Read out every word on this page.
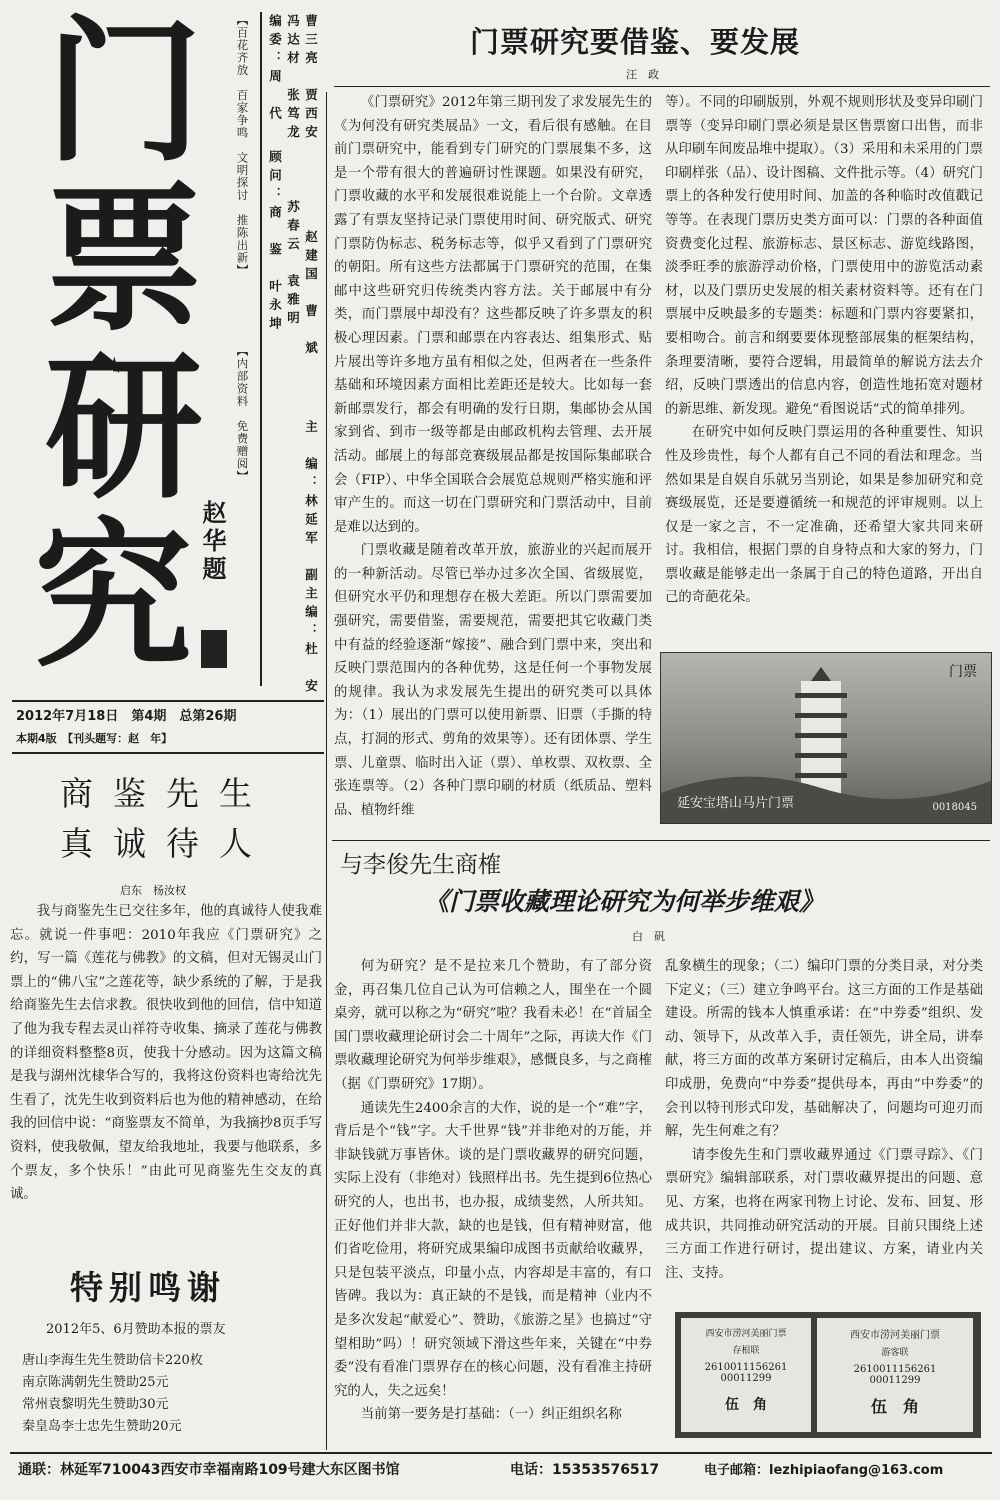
门
票
研
究 赵华题
【百花齐放　百家争鸣　文明探讨　推陈出新】
【内部资料　免费赠阅】
编委：周　代
顾问：商　鉴　叶永坤
冯达材　张笃龙
苏春云　袁雅明
曹三亮　贾西安
赵建国　曹　斌
主　编：林延军　副主编：杜　安
门票研究要借鉴、要发展
汪　政

《门票研究》2012年第三期刊发了求发展先生的《为何没有研究类展品》一文，看后很有感触。在目前门票研究中，能看到专门研究的门票展集不多，这是一个带有很大的普遍研讨性课题。如果没有研究，门票收藏的水平和发展很难说能上一个台阶。文章透露了有票友坚持记录门票使用时间、研究版式、研究门票防伪标志、税务标志等，似乎又看到了门票研究的朝阳。所有这些方法都属于门票研究的范围，在集邮中这些研究归传统类内容方法。关于邮展中有分类，而门票展中却没有？这些都反映了许多票友的积极心理因素。门票和邮票在内容表达、组集形式、贴片展出等许多地方虽有相似之处，但两者在一些条件基础和环境因素方面相比差距还是较大。比如每一套新邮票发行，都会有明确的发行日期，集邮协会从国家到省、到市一级等都是由邮政机构去管理、去开展活动。邮展上的每部竞赛级展品都是按国际集邮联合会（FIP）、中华全国联合会展览总规则严格实施和评审产生的。而这一切在门票研究和门票活动中，目前是难以达到的。

门票收藏是随着改革开放，旅游业的兴起而展开的一种新活动。尽管已举办过多次全国、省级展览，但研究水平仍和理想存在极大差距。所以门票需要加强研究，需要借鉴，需要规范，需要把其它收藏门类中有益的经验逐渐“嫁接”、融合到门票中来，突出和反映门票范围内的各种优势，这是任何一个事物发展的规律。我认为求发展先生提出的研究类可以具体为：（1）展出的门票可以使用新票、旧票（手撕的特点，打洞的形式、剪角的效果等）。还有团体票、学生票、儿童票、临时出入证（票）、单枚票、双枚票、全张连票等。（2）各种门票印刷的材质（纸质品、塑料品、植物纤维

等）。不同的印刷版别，外观不规则形状及变异印刷门票等（变异印刷门票必须是景区售票窗口出售，而非从印刷车间废品堆中提取）。（3）采用和未采用的门票印刷样张（品）、设计图稿、文件批示等。（4）研究门票上的各种发行使用时间、加盖的各种临时改值戳记等等。在表现门票历史类方面可以：门票的各种面值资费变化过程、旅游标志、景区标志、游览线路图，淡季旺季的旅游浮动价格，门票使用中的游览活动素材，以及门票历史发展的相关素材资料等。还有在门票展中反映最多的专题类：标题和门票内容要紧扣，要相吻合。前言和纲要要体现整部展集的框架结构，条理要清晰，要符合逻辑，用最简单的解说方法去介绍，反映门票透出的信息内容，创造性地拓宽对题材的新思维、新发现。避免“看图说话”式的简单排列。

在研究中如何反映门票运用的各种重要性、知识性及珍贵性，每个人都有自己不同的看法和理念。当然如果是自娱自乐就另当别论，如果是参加研究和竞赛级展览，还是要遵循统一和规范的评审规则。以上仅是一家之言，不一定准确，还希望大家共同来研讨。我相信，根据门票的自身特点和大家的努力，门票收藏是能够走出一条属于自己的特色道路，开出自己的奇葩花朵。

门票
延安宝塔山马片门票	0018045
2012年7月18日　第4期　总第26期
本期4版　【刊头题写：赵　年】
商鉴先生
真诚待人
启东　杨汝权

我与商鉴先生已交往多年，他的真诚待人使我难忘。就说一件事吧：2010年我应《门票研究》之约，写一篇《莲花与佛教》的文稿，但对无锡灵山门票上的“佛八宝”之莲花等，缺少系统的了解，于是我给商鉴先生去信求教。很快收到他的回信，信中知道了他为我专程去灵山祥符寺收集、摘录了莲花与佛教的详细资料整整8页，使我十分感动。因为这篇文稿是我与湖州沈棣华合写的，我将这份资料也寄给沈先生看了，沈先生收到资料后也为他的精神感动，在给我的回信中说：“商鉴票友不简单，为我摘抄8页手写资料，使我敬佩，望友给我地址，我要与他联系，多个票友，多个快乐！”由此可见商鉴先生交友的真诚。

特别鸣谢
2012年5、6月赞助本报的票友
唐山李海生先生赞助信卡220枚
南京陈满朝先生赞助25元
常州袁黎明先生赞助30元
秦皇岛李士忠先生赞助20元
与李俊先生商榷
《门票收藏理论研究为何举步维艰》
白　矾

何为研究？是不是拉来几个赞助，有了部分资金，再召集几位自己认为可信赖之人，围坐在一个圆桌旁，就可以称之为“研究”啦？我看未必！在“首届全国门票收藏理论研讨会二十周年”之际，再读大作《门票收藏理论研究为何举步维艰》，感慨良多，与之商榷（据《门票研究》17期）。

通读先生2400余言的大作，说的是一个“难”字，背后是个“钱”字。大千世界“钱”并非绝对的万能，并非缺钱就万事皆休。谈的是门票收藏界的研究问题，实际上没有（非绝对）钱照样出书。先生提到6位热心研究的人，也出书，也办报，成绩斐然，人所共知。正好他们并非大款，缺的也是钱，但有精神财富，他们省吃俭用，将研究成果编印成图书贡献给收藏界，只是包装平淡点，印量小点，内容却是丰富的，有口皆碑。我以为：真正缺的不是钱，而是精神（业内不是多次发起“献爱心”、赞助，《旅游之星》也搞过“守望相助”吗）！研究领域下滑这些年来，关键在“中券委”没有看准门票界存在的核心问题，没有看准主持研究的人，失之远矣！

当前第一要务是打基础：（一）纠正组织名称

乱象横生的现象；（二）编印门票的分类目录，对分类下定义；（三）建立争鸣平台。这三方面的工作是基础建设。所需的钱本人慎重承诺：在“中券委”组织、发动、领导下，从改革入手，责任领先，讲全局，讲奉献，将三方面的改革方案研讨定稿后，由本人出资编印成册，免费向“中券委”提供母本，再由“中券委”的会刊以特刊形式印发，基础解决了，问题均可迎刃而解，先生何难之有？

请李俊先生和门票收藏界通过《门票寻踪》、《门票研究》编辑部联系，对门票收藏界提出的问题、意见、方案，也将在两家刊物上讨论、发布、回复、形成共识，共同推动研究活动的开展。目前只围绕上述三方面工作进行研讨，提出建议、方案，请业内关注、支持。

西安市涝河美丽门票
存根联
2610011156261
00011299
伍　角
西安市涝河美丽门票
游客联
2610011156261
00011299
伍　角
通联：林延军710043西安市幸福南路109号建大东区图书馆	电话：15353576517	电子邮箱：lezhipiaofang@163.com
